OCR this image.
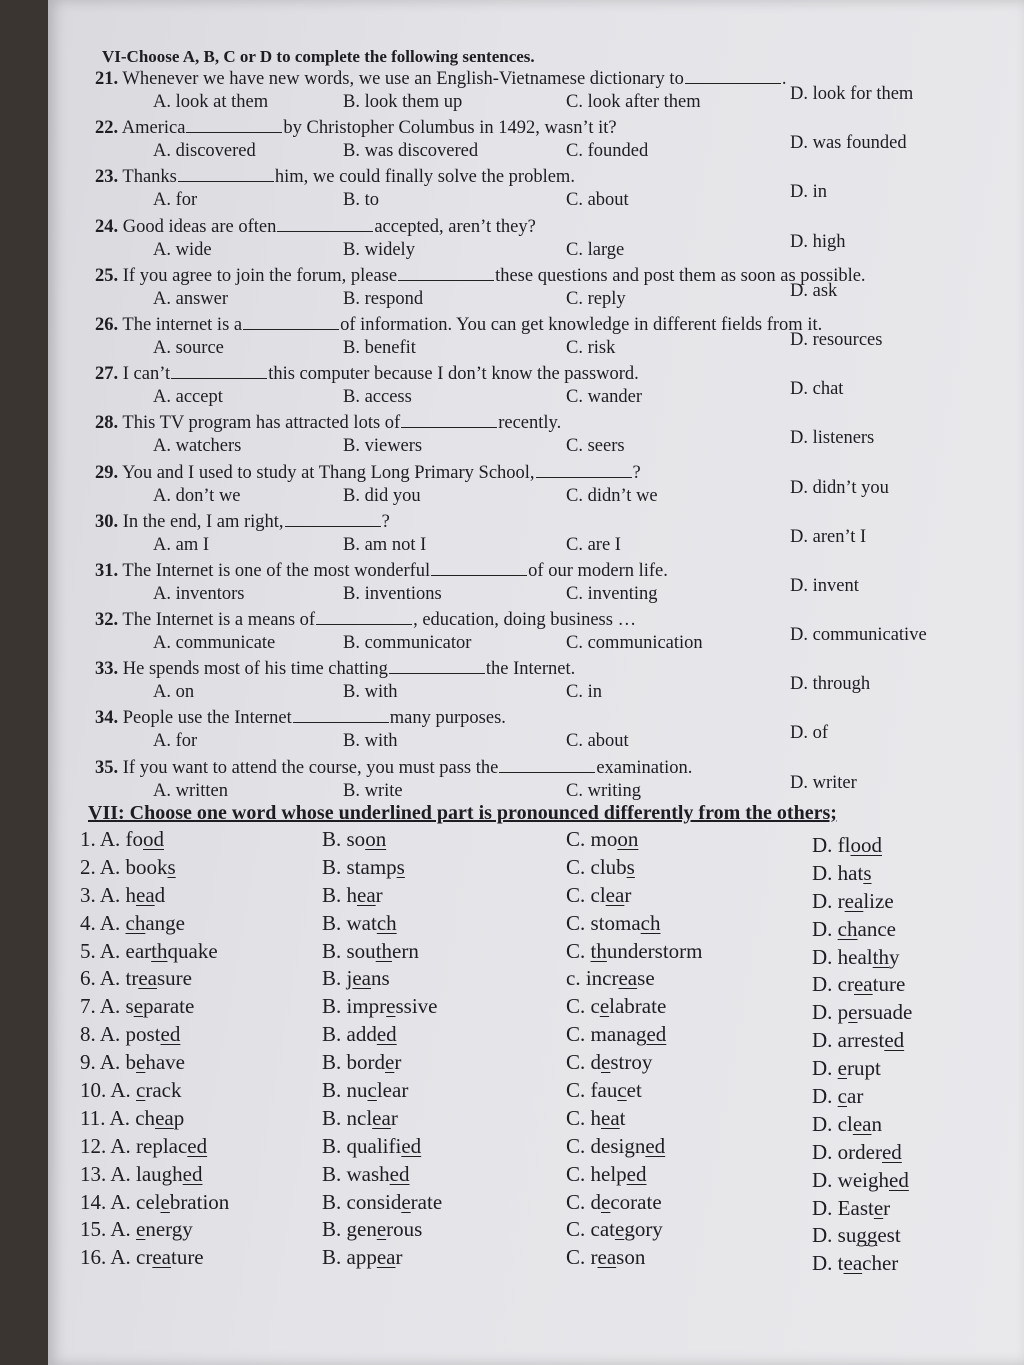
VI-Choose A, B, C or D to complete the following sentences.
21. Whenever we have new words, we use an English-Vietnamese dictionary to	.
A. look at them	B. look them up	C. look after them	D. look for them
22. America	by Christopher Columbus in 1492, wasn’t it?
A. discovered	B. was discovered	C. founded	D. was founded
23. Thanks	him, we could finally solve the problem.
A. for	B. to	C. about	D. in
24. Good ideas are often	accepted, aren’t they?
A. wide	B. widely	C. large	D. high
25. If you agree to join the forum, please	these questions and post them as soon as possible.
A. answer	B. respond	C. reply	D. ask
26. The internet is a	of information. You can get knowledge in different fields from it.
A. source	B. benefit	C. risk	D. resources
27. I can’t	this computer because I don’t know the password.
A. accept	B. access	C. wander	D. chat
28. This TV program has attracted lots of	recently.
A. watchers	B. viewers	C. seers	D. listeners
29. You and I used to study at Thang Long Primary School,	?
A. don’t we	B. did you	C. didn’t we	D. didn’t you
30. In the end, I am right,	?
A. am I	B. am not I	C. are I	D. aren’t I
31. The Internet is one of the most wonderful	of our modern life.
A. inventors	B. inventions	C. inventing	D. invent
32. The Internet is a means of	, education, doing business …
A. communicate	B. communicator	C. communication	D. communicative
33. He spends most of his time chatting	the Internet.
A. on	B. with	C. in	D. through
34. People use the Internet	many purposes.
A. for	B. with	C. about	D. of
35. If you want to attend the course, you must pass the	examination.
A. written	B. write	C. writing	D. writer
VII: Choose one word whose underlined part is pronounced differently from the others;
1. A. food	B. soon	C. moon	D. flood
2. A. books	B. stamps	C. clubs	D. hats
3. A. head	B. hear	C. clear	D. realize
4. A. change	B. watch	C. stomach	D. chance
5. A. earthquake	B. southern	C. thunderstorm	D. healthy
6. A. treasure	B. jeans	c. increase	D. creature
7. A. separate	B. impressive	C. celabrate	D. persuade
8. A. posted	B. added	C. managed	D. arrested
9. A. behave	B. border	C. destroy	D. erupt
10. A. crack	B. nuclear	C. faucet	D. car
11. A. cheap	B. nclear	C. heat	D. clean
12. A. replaced	B. qualified	C. designed	D. ordered
13. A. laughed	B. washed	C. helped	D. weighed
14. A. celebration	B. considerate	C. decorate	D. Easter
15. A. energy	B. generous	C. category	D. suggest
16. A. creature	B. appear	C. reason	D. teacher
